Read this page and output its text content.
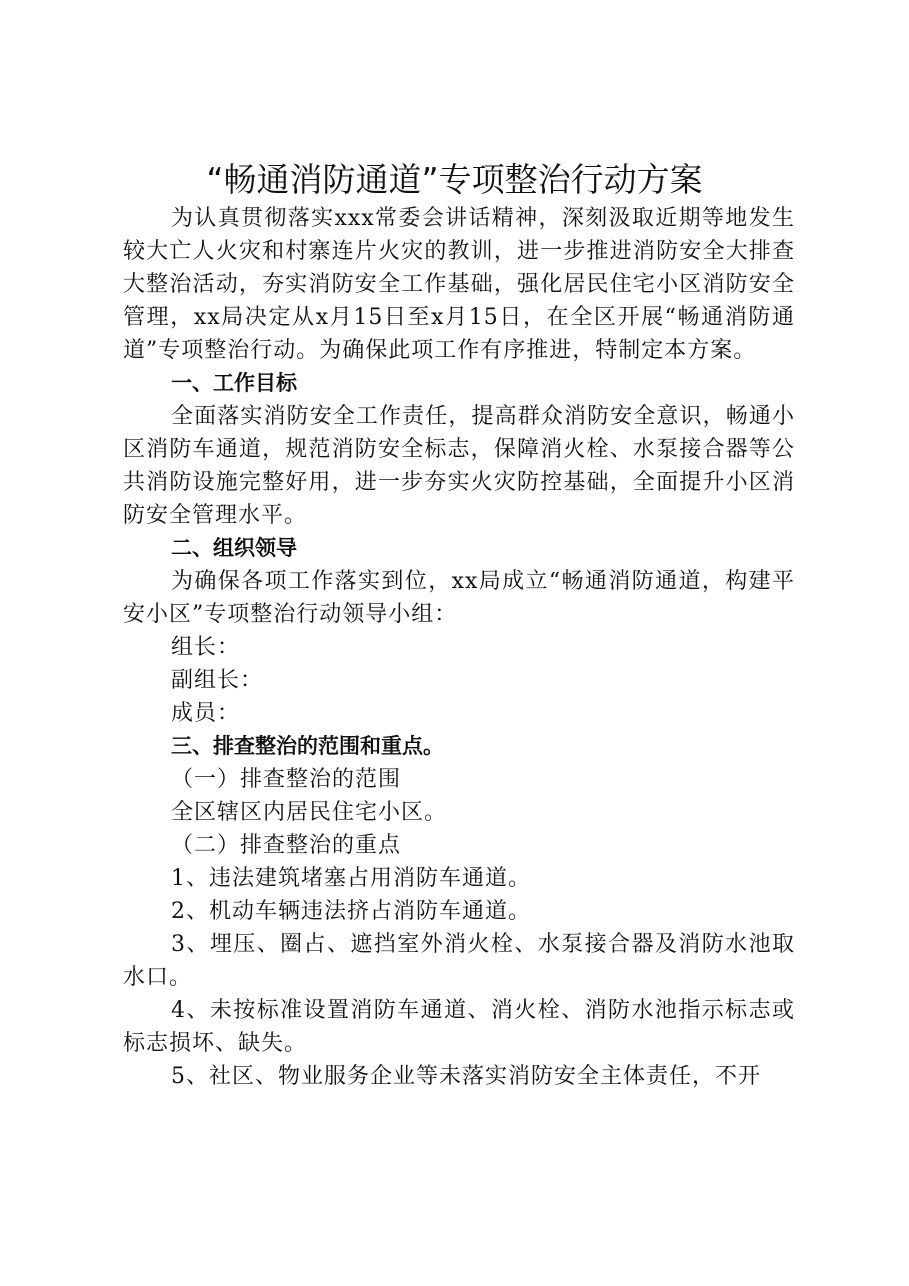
“畅通消防通道”专项整治行动方案

为认真贯彻落实xxx常委会讲话精神，深刻汲取近期等地发生较大亡人火灾和村寨连片火灾的教训，进一步推进消防安全大排查大整治活动，夯实消防安全工作基础，强化居民住宅小区消防安全管理，xx局决定从x月15日至x月15日，在全区开展“畅通消防通道”专项整治行动。为确保此项工作有序推进，特制定本方案。

一、工作目标

全面落实消防安全工作责任，提高群众消防安全意识，畅通小区消防车通道，规范消防安全标志，保障消火栓、水泵接合器等公共消防设施完整好用，进一步夯实火灾防控基础，全面提升小区消防安全管理水平。

二、组织领导

为确保各项工作落实到位，xx局成立“畅通消防通道，构建平安小区”专项整治行动领导小组：

组长：

副组长：

成员：

三、排查整治的范围和重点。

（一）排查整治的范围

全区辖区内居民住宅小区。

（二）排查整治的重点

1、违法建筑堵塞占用消防车通道。

2、机动车辆违法挤占消防车通道。

3、埋压、圈占、遮挡室外消火栓、水泵接合器及消防水池取水口。

4、未按标准设置消防车通道、消火栓、消防水池指示标志或标志损坏、缺失。

5、社区、物业服务企业等未落实消防安全主体责任，不开
